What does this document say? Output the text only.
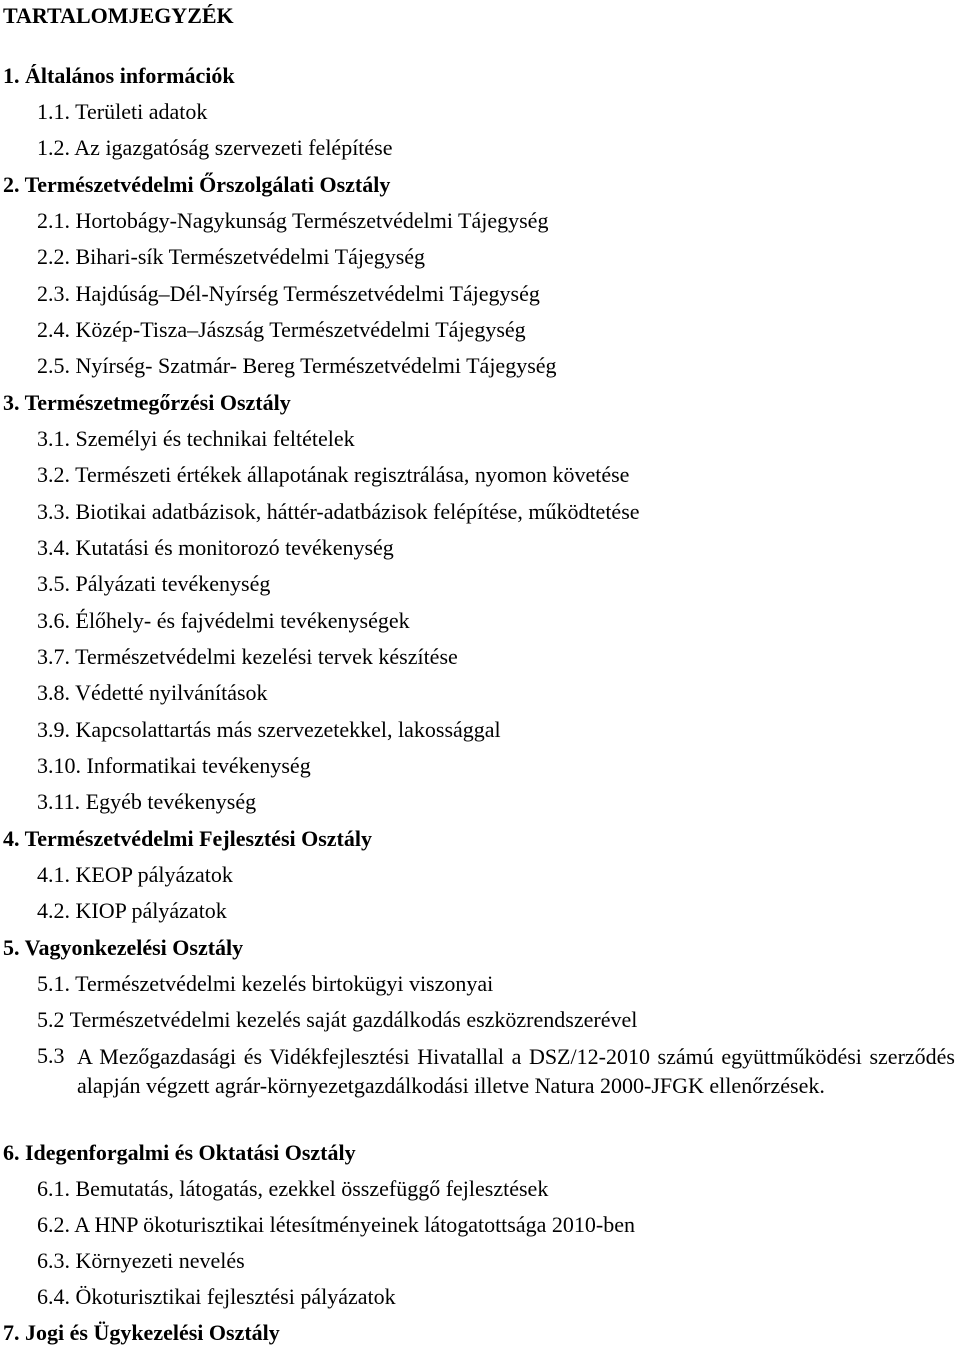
TARTALOMJEGYZÉK
1. Általános információk
1.1. Területi adatok
1.2. Az igazgatóság szervezeti felépítése
2. Természetvédelmi Őrszolgálati Osztály
2.1. Hortobágy-Nagykunság Természetvédelmi Tájegység
2.2. Bihari-sík Természetvédelmi Tájegység
2.3. Hajdúság–Dél-Nyírség Természetvédelmi Tájegység
2.4. Közép-Tisza–Jászság Természetvédelmi Tájegység
2.5. Nyírség- Szatmár- Bereg Természetvédelmi Tájegység
3. Természetmegőrzési Osztály
3.1. Személyi és technikai feltételek
3.2. Természeti értékek állapotának regisztrálása, nyomon követése
3.3. Biotikai adatbázisok, háttér-adatbázisok felépítése, működtetése
3.4. Kutatási és monitorozó tevékenység
3.5. Pályázati tevékenység
3.6. Élőhely- és fajvédelmi tevékenységek
3.7. Természetvédelmi kezelési tervek készítése
3.8. Védetté nyilvánítások
3.9. Kapcsolattartás más szervezetekkel, lakossággal
3.10. Informatikai tevékenység
3.11. Egyéb tevékenység
4. Természetvédelmi Fejlesztési Osztály
4.1. KEOP pályázatok
4.2. KIOP pályázatok
5. Vagyonkezelési Osztály
5.1. Természetvédelmi kezelés birtokügyi viszonyai
5.2 Természetvédelmi kezelés saját gazdálkodás eszközrendszerével
5.3 A Mezőgazdasági és Vidékfejlesztési Hivatallal a DSZ/12-2010 számú együttműködési szerződés alapján végzett agrár-környezetgazdálkodási illetve Natura 2000-JFGK ellenőrzések.
6. Idegenforgalmi és Oktatási Osztály
6.1. Bemutatás, látogatás, ezekkel összefüggő fejlesztések
6.2. A HNP ökoturisztikai létesítményeinek látogatottsága 2010-ben
6.3. Környezeti nevelés
6.4. Ökoturisztikai fejlesztési pályázatok
7. Jogi és Ügykezelési Osztály
